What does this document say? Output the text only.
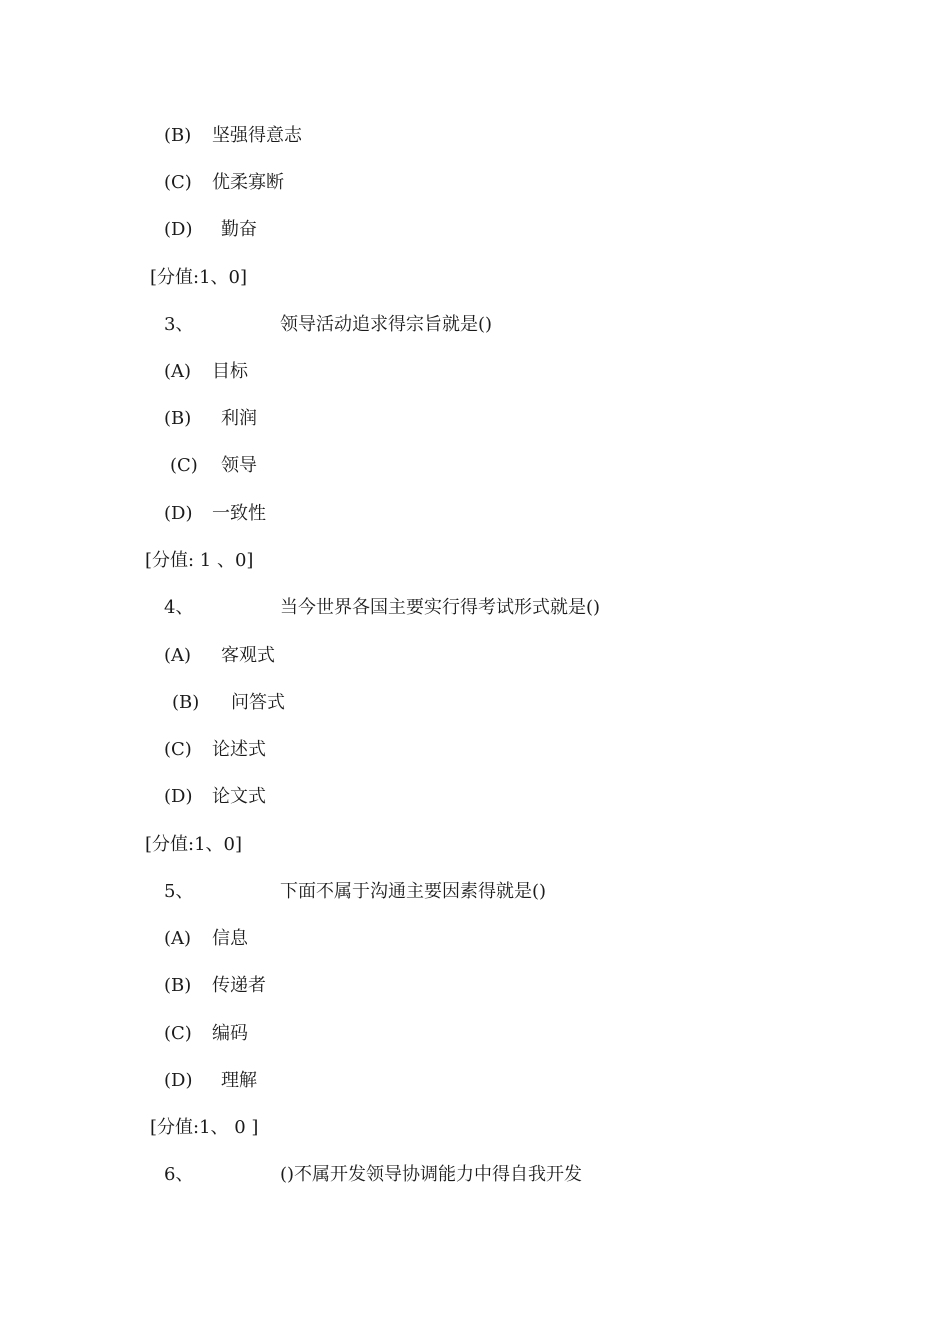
(B) 坚强得意志
(C) 优柔寡断
(D) 勤奋
[分值:1、0]
3、	领导活动追求得宗旨就是()
(A) 目标
(B) 利润
(C) 领导
(D) 一致性
[分值: 1 、0]
4、	当今世界各国主要实行得考试形式就是()
(A) 客观式
(B) 问答式
(C) 论述式
(D) 论文式
[分值:1、0]
5、	下面不属于沟通主要因素得就是()
(A) 信息
(B) 传递者
(C) 编码
(D) 理解
[分值:1、 0 ]
6、	()不属开发领导协调能力中得自我开发
